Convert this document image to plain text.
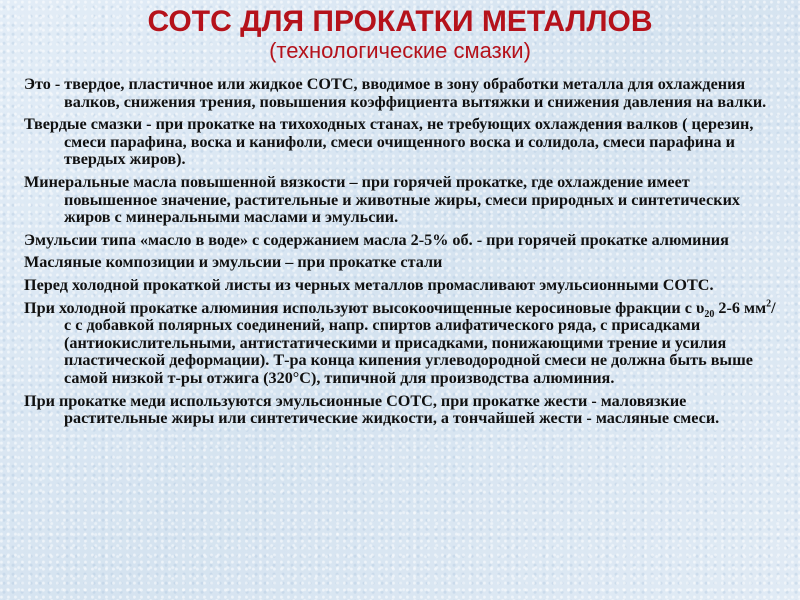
СОТС ДЛЯ ПРОКАТКИ МЕТАЛЛОВ
(технологические смазки)

Это - твердое, пластичное или жидкое СОТС, вводимое в зону обработки металла для охлаждения валков, снижения трения, повышения коэффициента вытяжки и снижения давления на валки.

Твердые смазки - при прокатке на тихоходных станах, не требующих охлаждения валков ( церезин, смеси парафина, воска и канифоли, смеси очищенного воска и солидола, смеси парафина и твердых жиров).

Минеральные масла повышенной вязкости – при горячей прокатке, где охлаждение имеет повышенное значение, растительные и животные жиры, смеси природных и синтетических жиров с минеральными маслами и эмульсии.

Эмульсии типа «масло в воде» с содержанием масла 2-5% об. - при горячей прокатке алюминия

Масляные композиции и эмульсии – при прокатке стали

Перед холодной прокаткой листы из черных металлов промасливают эмульсионными СОТС.

При холодной прокатке алюминия используют высокоочищенные керосиновые фракции с $\upsilon_{20}$ 2-6 $мм^2/с$ с добавкой полярных соединений, напр. спиртов алифатического ряда, с присадками (антиокислительными, антистатическими и присадками, понижающими трение и усилия пластической деформации). Т-ра конца кипения углеводородной смеси не должна быть выше самой низкой т-ры отжига (320°С), типичной для производства алюминия.

При прокатке меди используются эмульсионные СОТС, при прокатке жести - маловязкие растительные жиры или синтетические жидкости, а тончайшей жести - масляные смеси.
